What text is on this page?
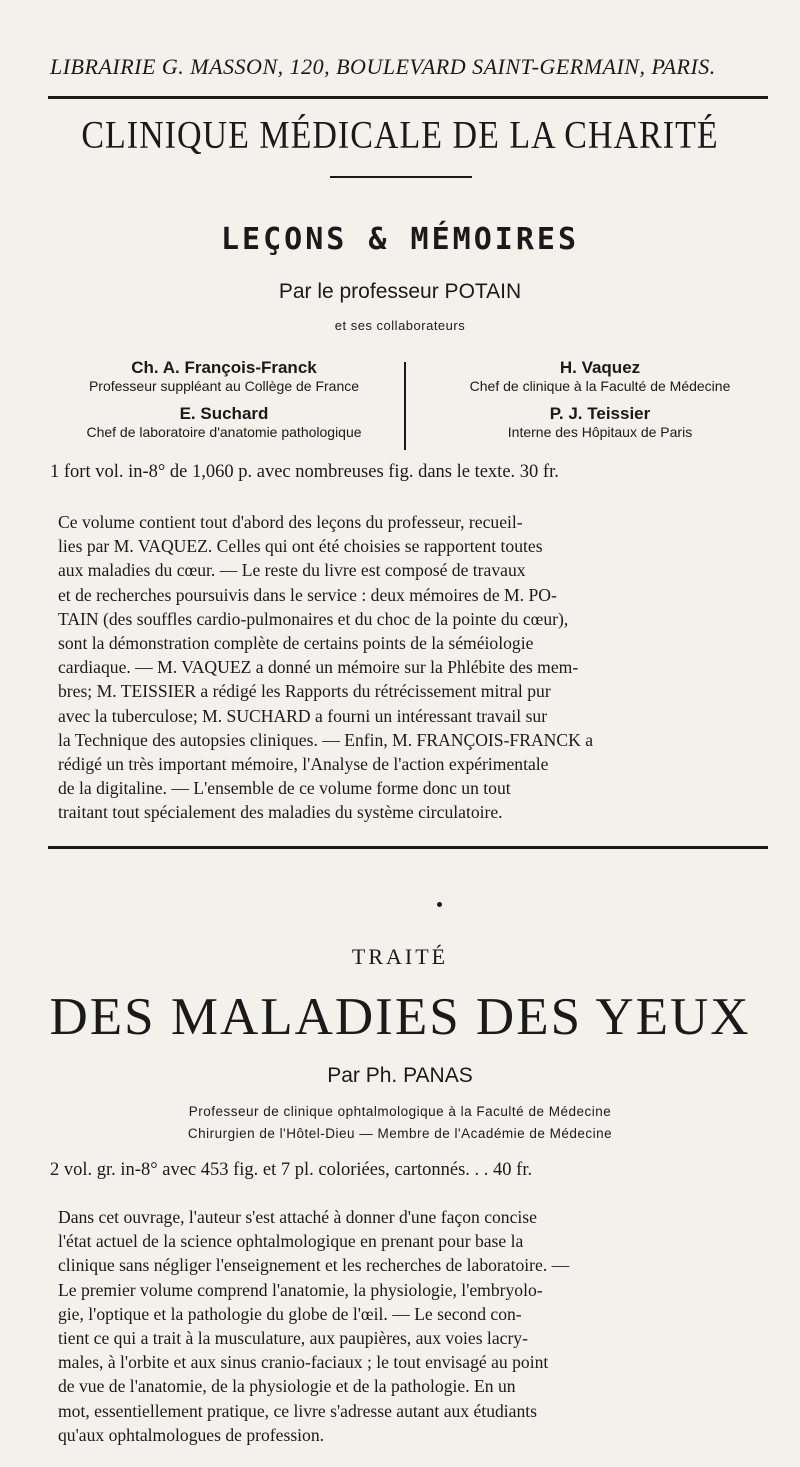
LIBRAIRIE G. MASSON, 120, BOULEVARD SAINT-GERMAIN, PARIS.
CLINIQUE MÉDICALE DE LA CHARITÉ
LEÇONS & MÉMOIRES
Par le professeur POTAIN
et ses collaborateurs
Ch. A. François-Franck
Professeur suppléant au Collège de France
E. Suchard
Chef de laboratoire d'anatomie pathologique
H. Vaquez
Chef de clinique à la Faculté de Médecine
P. J. Teissier
Interne des Hôpitaux de Paris
1 fort vol. in-8° de 1,060 p. avec nombreuses fig. dans le texte. 30 fr.
Ce volume contient tout d'abord des leçons du professeur, recueil-
lies par M. VAQUEZ. Celles qui ont été choisies se rapportent toutes
aux maladies du cœur. — Le reste du livre est composé de travaux
et de recherches poursuivis dans le service : deux mémoires de M. PO-
TAIN (des souffles cardio-pulmonaires et du choc de la pointe du cœur),
sont la démonstration complète de certains points de la séméiologie
cardiaque. — M. VAQUEZ a donné un mémoire sur la Phlébite des mem-
bres; M. TEISSIER a rédigé les Rapports du rétrécissement mitral pur
avec la tuberculose; M. SUCHARD a fourni un intéressant travail sur
la Technique des autopsies cliniques. — Enfin, M. FRANÇOIS-FRANCK a
rédigé un très important mémoire, l'Analyse de l'action expérimentale
de la digitaline. — L'ensemble de ce volume forme donc un tout
traitant tout spécialement des maladies du système circulatoire.
TRAITÉ
DES MALADIES DES YEUX
Par Ph. PANAS
Professeur de clinique ophtalmologique à la Faculté de Médecine
Chirurgien de l'Hôtel-Dieu — Membre de l'Académie de Médecine
2 vol. gr. in-8° avec 453 fig. et 7 pl. coloriées, cartonnés. . . 40 fr.
Dans cet ouvrage, l'auteur s'est attaché à donner d'une façon concise
l'état actuel de la science ophtalmologique en prenant pour base la
clinique sans négliger l'enseignement et les recherches de laboratoire. —
Le premier volume comprend l'anatomie, la physiologie, l'embryolo-
gie, l'optique et la pathologie du globe de l'œil. — Le second con-
tient ce qui a trait à la musculature, aux paupières, aux voies lacry-
males, à l'orbite et aux sinus cranio-faciaux ; le tout envisagé au point
de vue de l'anatomie, de la physiologie et de la pathologie. En un
mot, essentiellement pratique, ce livre s'adresse autant aux étudiants
qu'aux ophtalmologues de profession.
